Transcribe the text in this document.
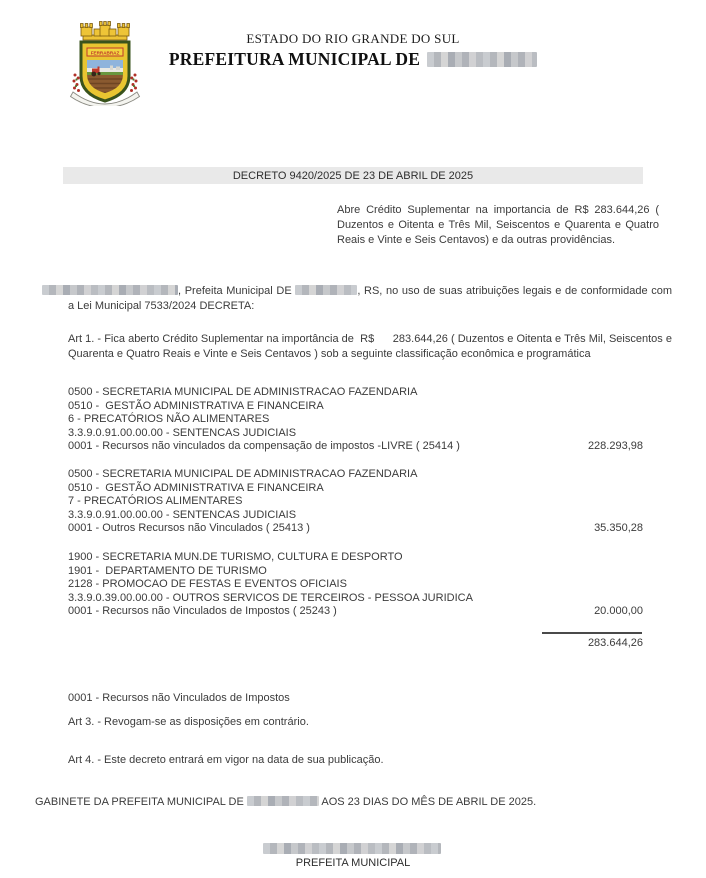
FERRABRAZ
ESTADO DO RIO GRANDE DO SUL
PREFEITURA MUNICIPAL DE
DECRETO 9420/2025 DE 23 DE ABRIL DE 2025
Abre Crédito Suplementar na importancia de R$ 283.644,26 ( Duzentos e Oitenta e Três Mil, Seiscentos e Quarenta e Quatro Reais e Vinte e Seis Centavos) e da outras providências.
, Prefeita Municipal DE	, RS, no uso de suas atribuições legais e de conformidade com a Lei Municipal 7533/2024 DECRETA:
Art 1. - Fica aberto Crédito Suplementar na importância de  R$      283.644,26 ( Duzentos e Oitenta e Três Mil, Seiscentos e Quarenta e Quatro Reais e Vinte e Seis Centavos ) sob a seguinte classificação econômica e programática
0500 - SECRETARIA MUNICIPAL DE ADMINISTRACAO FAZENDARIA
0510 -  GESTÃO ADMINISTRATIVA E FINANCEIRA
6 - PRECATÓRIOS NÃO ALIMENTARES
3.3.9.0.91.00.00.00 - SENTENCAS JUDICIAIS
0001 - Recursos não vinculados da compensação de impostos -LIVRE ( 25414 )	228.293,98
0500 - SECRETARIA MUNICIPAL DE ADMINISTRACAO FAZENDARIA
0510 -  GESTÃO ADMINISTRATIVA E FINANCEIRA
7 - PRECATÓRIOS ALIMENTARES
3.3.9.0.91.00.00.00 - SENTENCAS JUDICIAIS
0001 - Outros Recursos não Vinculados ( 25413 )	35.350,28
1900 - SECRETARIA MUN.DE TURISMO, CULTURA E DESPORTO
1901 -  DEPARTAMENTO DE TURISMO
2128 - PROMOCAO DE FESTAS E EVENTOS OFICIAIS
3.3.9.0.39.00.00.00 - OUTROS SERVICOS DE TERCEIROS - PESSOA JURIDICA
0001 - Recursos não Vinculados de Impostos ( 25243 )	20.000,00
283.644,26
0001 - Recursos não Vinculados de Impostos
Art 3. - Revogam-se as disposições em contrário.
Art 4. - Este decreto entrará em vigor na data de sua publicação.
GABINETE DA PREFEITA MUNICIPAL DE	AOS 23 DIAS DO MÊS DE ABRIL DE 2025.
PREFEITA MUNICIPAL
